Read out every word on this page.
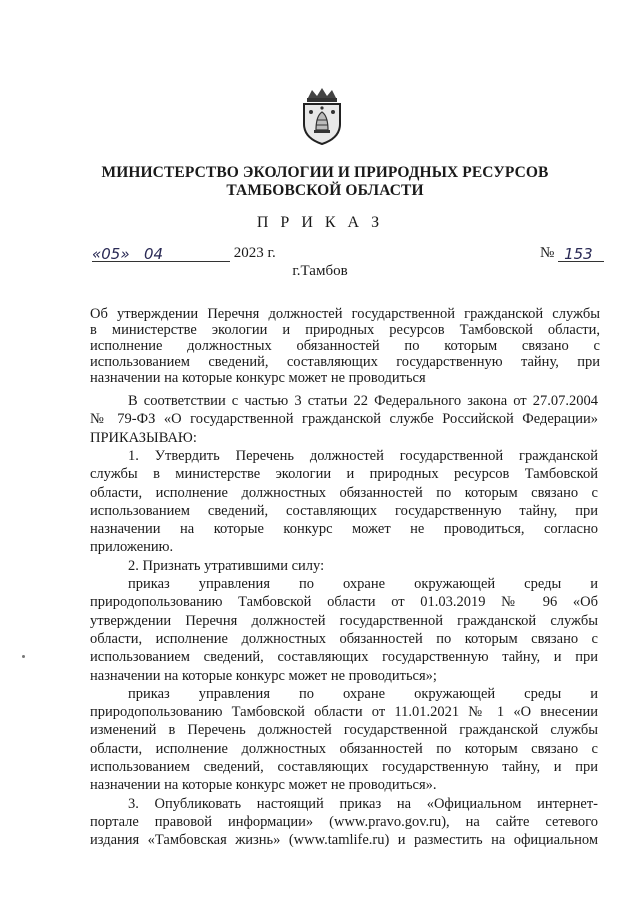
МИНИСТЕРСТВО ЭКОЛОГИИ И ПРИРОДНЫХ РЕСУРСОВ
ТАМБОВСКОЙ ОБЛАСТИ
П Р И К А З
«05» 04	2023 г.	№ 153
г.Тамбов
Об утверждении Перечня должностей государственной гражданской службы
в министерстве экологии и природных ресурсов Тамбовской области,
исполнение должностных обязанностей по которым связано с
использованием сведений, составляющих государственную тайну, при
назначении на которые конкурс может не проводиться
В соответствии с частью 3 статьи 22 Федерального закона от 27.07.2004
№ 79-ФЗ «О государственной гражданской службе Российской Федерации»
ПРИКАЗЫВАЮ:
1. Утвердить Перечень должностей государственной гражданской
службы в министерстве экологии и природных ресурсов Тамбовской
области, исполнение должностных обязанностей по которым связано с
использованием сведений, составляющих государственную тайну, при
назначении на которые конкурс может не проводиться, согласно
приложению.
2. Признать утратившими силу:
приказ управления по охране окружающей среды и
природопользованию Тамбовской области от 01.03.2019 № 96 «Об
утверждении Перечня должностей государственной гражданской службы
области, исполнение должностных обязанностей по которым связано с
использованием сведений, составляющих государственную тайну, и при
назначении на которые конкурс может не проводиться»;
приказ управления по охране окружающей среды и
природопользованию Тамбовской области от 11.01.2021 № 1 «О внесении
изменений в Перечень должностей государственной гражданской службы
области, исполнение должностных обязанностей по которым связано с
использованием сведений, составляющих государственную тайну, и при
назначении на которые конкурс может не проводиться».
3. Опубликовать настоящий приказ на «Официальном интернет-
портале правовой информации» (www.pravo.gov.ru), на сайте сетевого
издания «Тамбовская жизнь» (www.tamlife.ru) и разместить на официальном
